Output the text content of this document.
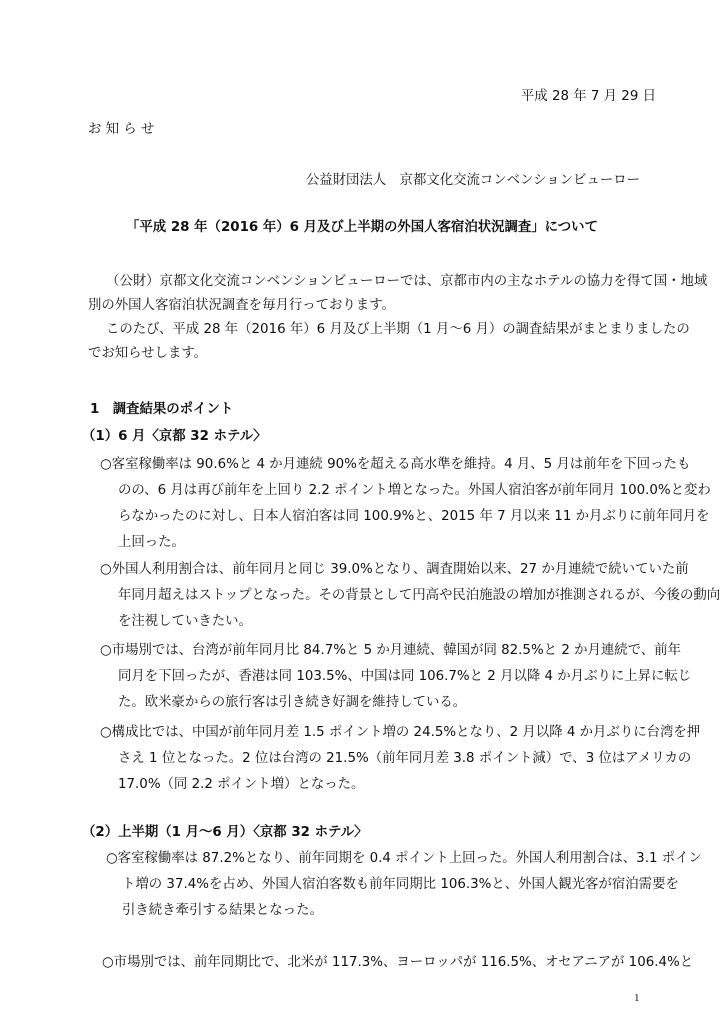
平成 28 年 7 月 29 日
お 知 ら せ
公益財団法人　京都文化交流コンベンションビューロー
「平成 28 年（2016 年）6 月及び上半期の外国人客宿泊状況調査」について
（公財）京都文化交流コンベンションビューローでは、京都市内の主なホテルの協力を得て国・地域
別の外国人客宿泊状況調査を毎月行っております。
このたび、平成 28 年（2016 年）6 月及び上半期（1 月～6 月）の調査結果がまとまりましたの
でお知らせします。
1　調査結果のポイント
（1）6 月〈京都 32 ホテル〉
○客室稼働率は 90.6%と 4 か月連続 90%を超える高水準を維持。4 月、5 月は前年を下回ったも
のの、6 月は再び前年を上回り 2.2 ポイント増となった。外国人宿泊客が前年同月 100.0%と変わ
らなかったのに対し、日本人宿泊客は同 100.9%と、2015 年 7 月以来 11 か月ぶりに前年同月を
上回った。
○外国人利用割合は、前年同月と同じ 39.0%となり、調査開始以来、27 か月連続で続いていた前
年同月超えはストップとなった。その背景として円高や民泊施設の増加が推測されるが、今後の動向
を注視していきたい。
○市場別では、台湾が前年同月比 84.7%と 5 か月連続、韓国が同 82.5%と 2 か月連続で、前年
同月を下回ったが、香港は同 103.5%、中国は同 106.7%と 2 月以降 4 か月ぶりに上昇に転じ
た。欧米豪からの旅行客は引き続き好調を維持している。
○構成比では、中国が前年同月差 1.5 ポイント増の 24.5%となり、2 月以降 4 か月ぶりに台湾を押
さえ 1 位となった。2 位は台湾の 21.5%（前年同月差 3.8 ポイント減）で、3 位はアメリカの
17.0%（同 2.2 ポイント増）となった。
（2）上半期（1 月～6 月）〈京都 32 ホテル〉
○客室稼働率は 87.2%となり、前年同期を 0.4 ポイント上回った。外国人利用割合は、3.1 ポイン
ト増の 37.4%を占め、外国人宿泊客数も前年同期比 106.3%と、外国人観光客が宿泊需要を
引き続き牽引する結果となった。
○市場別では、前年同期比で、北米が 117.3%、ヨーロッパが 116.5%、オセアニアが 106.4%と
1
